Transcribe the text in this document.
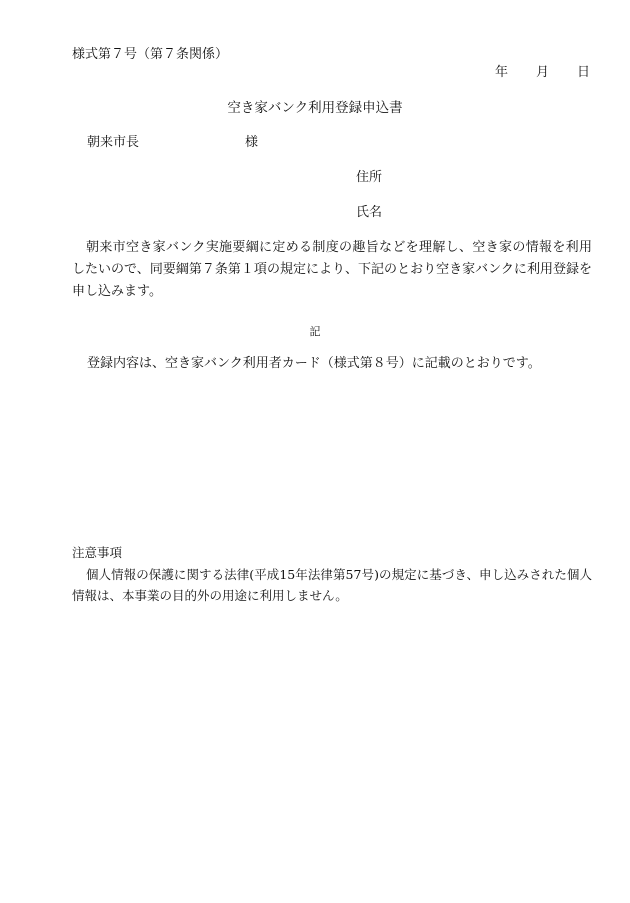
様式第７号（第７条関係）
年 月 日
空き家バンク利用登録申込書
朝来市長	様
住所
氏名
朝来市空き家バンク実施要綱に定める制度の趣旨などを理解し、空き家の情報を利用したいので、同要綱第７条第１項の規定により、下記のとおり空き家バンクに利用登録を申し込みます。
記
登録内容は、空き家バンク利用者カード（様式第８号）に記載のとおりです。
注意事項
個人情報の保護に関する法律(平成15年法律第57号)の規定に基づき、申し込みされた個人情報は、本事業の目的外の用途に利用しません。
